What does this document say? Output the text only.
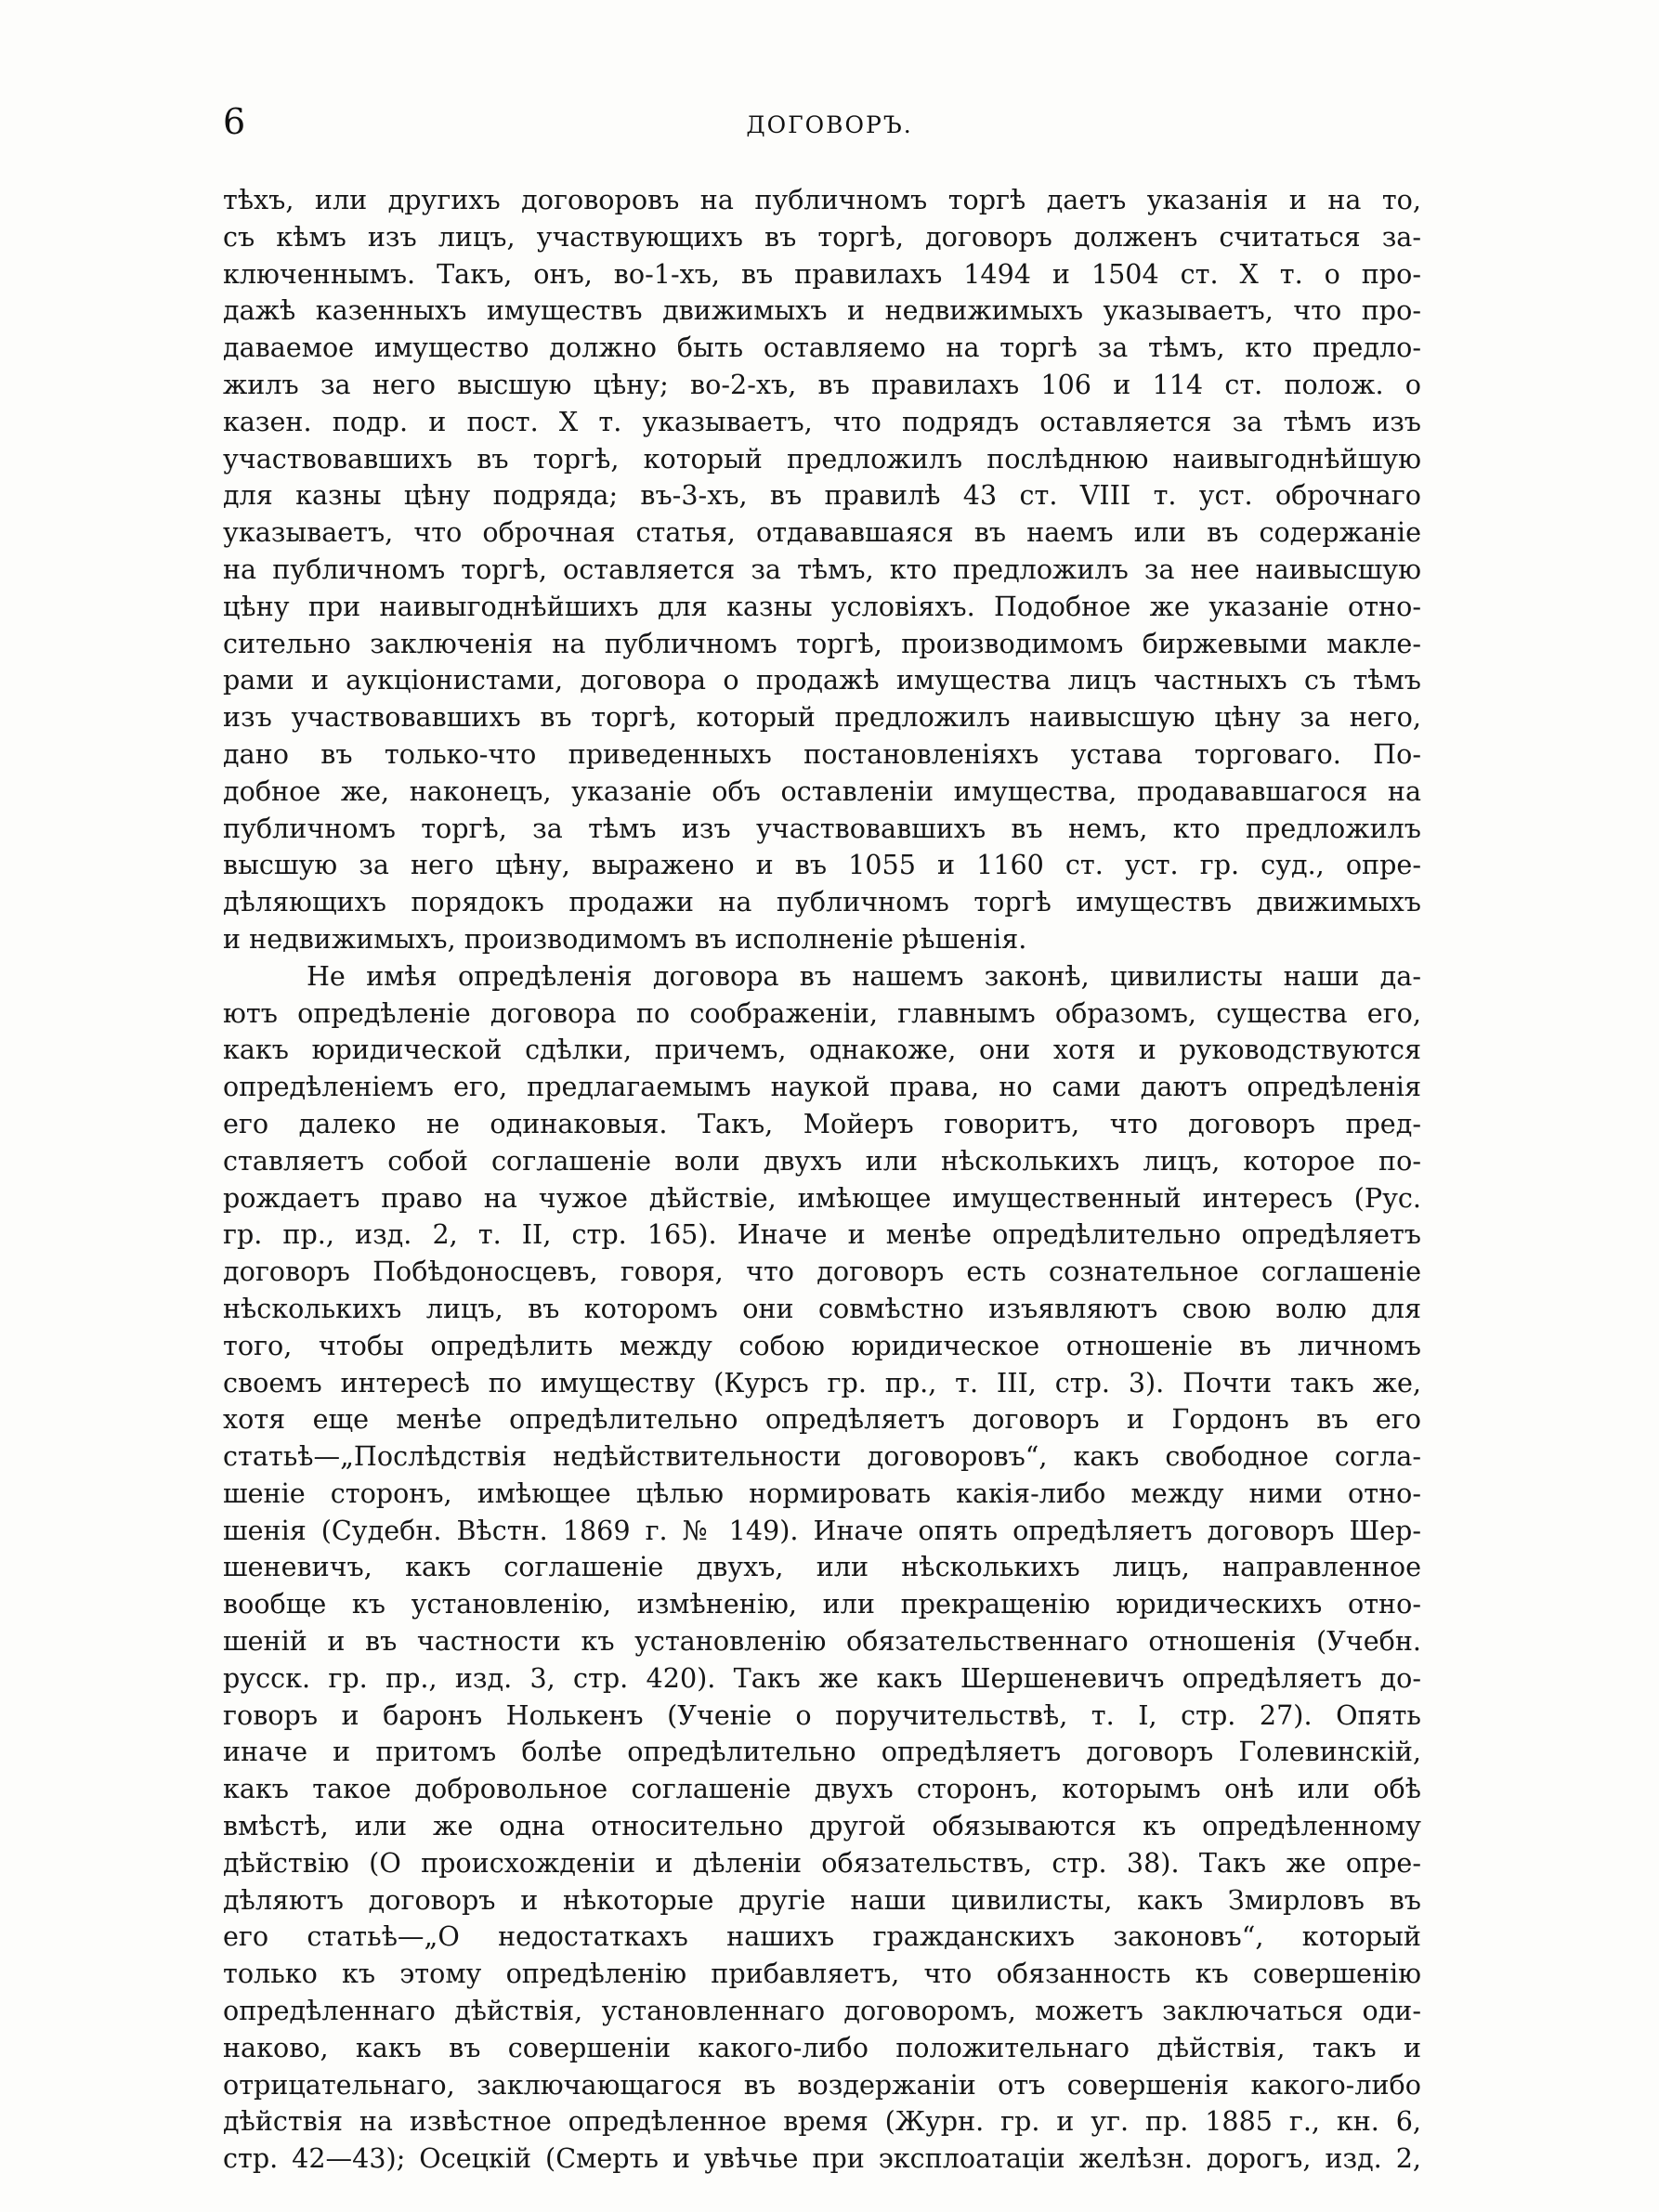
6	ДОГОВОРЪ.
тѣхъ, или другихъ договоровъ на публичномъ торгѣ даетъ указанія и на то,
съ кѣмъ изъ лицъ, участвующихъ въ торгѣ, договоръ долженъ считаться за-
ключеннымъ. Такъ, онъ, во-1-хъ, въ правилахъ 1494 и 1504 ст. X т. о про-
дажѣ казенныхъ имуществъ движимыхъ и недвижимыхъ указываетъ, что про-
даваемое имущество должно быть оставляемо на торгѣ за тѣмъ, кто предло-
жилъ за него высшую цѣну; во-2-хъ, въ правилахъ 106 и 114 ст. полож. о
казен. подр. и пост. X т. указываетъ, что подрядъ оставляется за тѣмъ изъ
участвовавшихъ въ торгѣ, который предложилъ послѣднюю наивыгоднѣйшую
для казны цѣну подряда; въ-3-хъ, въ правилѣ 43 ст. VIII т. уст. оброчнаго
указываетъ, что оброчная статья, отдававшаяся въ наемъ или въ содержаніе
на публичномъ торгѣ, оставляется за тѣмъ, кто предложилъ за нее наивысшую
цѣну при наивыгоднѣйшихъ для казны условіяхъ. Подобное же указаніе отно-
сительно заключенія на публичномъ торгѣ, производимомъ биржевыми макле-
рами и аукціонистами, договора о продажѣ имущества лицъ частныхъ съ тѣмъ
изъ участвовавшихъ въ торгѣ, который предложилъ наивысшую цѣну за него,
дано въ только-что приведенныхъ постановленіяхъ устава торговаго. По-
добное же, наконецъ, указаніе объ оставленіи имущества, продававшагося на
публичномъ торгѣ, за тѣмъ изъ участвовавшихъ въ немъ, кто предложилъ
высшую за него цѣну, выражено и въ 1055 и 1160 ст. уст. гр. суд., опре-
дѣляющихъ порядокъ продажи на публичномъ торгѣ имуществъ движимыхъ
и недвижимыхъ, производимомъ въ исполненіе рѣшенія.
Не имѣя опредѣленія договора въ нашемъ законѣ, цивилисты наши да-
ютъ опредѣленіе договора по соображеніи, главнымъ образомъ, существа его,
какъ юридической сдѣлки, причемъ, однакоже, они хотя и руководствуются
опредѣленіемъ его, предлагаемымъ наукой права, но сами даютъ опредѣленія
его далеко не одинаковыя. Такъ, Мойеръ говоритъ, что договоръ пред-
ставляетъ собой соглашеніе воли двухъ или нѣсколькихъ лицъ, которое по-
рождаетъ право на чужое дѣйствіе, имѣющее имущественный интересъ (Рус.
гр. пр., изд. 2, т. II, стр. 165). Иначе и менѣе опредѣлительно опредѣляетъ
договоръ Побѣдоносцевъ, говоря, что договоръ есть сознательное соглашеніе
нѣсколькихъ лицъ, въ которомъ они совмѣстно изъявляютъ свою волю для
того, чтобы опредѣлить между собою юридическое отношеніе въ личномъ
своемъ интересѣ по имуществу (Курсъ гр. пр., т. III, стр. 3). Почти такъ же,
хотя еще менѣе опредѣлительно опредѣляетъ договоръ и Гордонъ въ его
статьѣ—„Послѣдствія недѣйствительности договоровъ“, какъ свободное согла-
шеніе сторонъ, имѣющее цѣлью нормировать какія-либо между ними отно-
шенія (Судебн. Вѣстн. 1869 г. № 149). Иначе опять опредѣляетъ договоръ Шер-
шеневичъ, какъ соглашеніе двухъ, или нѣсколькихъ лицъ, направленное
вообще къ установленію, измѣненію, или прекращенію юридическихъ отно-
шеній и въ частности къ установленію обязательственнаго отношенія (Учебн.
русск. гр. пр., изд. 3, стр. 420). Такъ же какъ Шершеневичъ опредѣляетъ до-
говоръ и баронъ Нолькенъ (Ученіе о поручительствѣ, т. I, стр. 27). Опять
иначе и притомъ болѣе опредѣлительно опредѣляетъ договоръ Голевинскій,
какъ такое добровольное соглашеніе двухъ сторонъ, которымъ онѣ или обѣ
вмѣстѣ, или же одна относительно другой обязываются къ опредѣленному
дѣйствію (О происхожденіи и дѣленіи обязательствъ, стр. 38). Такъ же опре-
дѣляютъ договоръ и нѣкоторые другіе наши цивилисты, какъ Змирловъ въ
его статьѣ—„О недостаткахъ нашихъ гражданскихъ законовъ“, который
только къ этому опредѣленію прибавляетъ, что обязанность къ совершенію
опредѣленнаго дѣйствія, установленнаго договоромъ, можетъ заключаться оди-
наково, какъ въ совершеніи какого-либо положительнаго дѣйствія, такъ и
отрицательнаго, заключающагося въ воздержаніи отъ совершенія какого-либо
дѣйствія на извѣстное опредѣленное время (Журн. гр. и уг. пр. 1885 г., кн. 6,
стр. 42—43); Осецкій (Смерть и увѣчье при эксплоатаціи желѣзн. дорогъ, изд. 2,
